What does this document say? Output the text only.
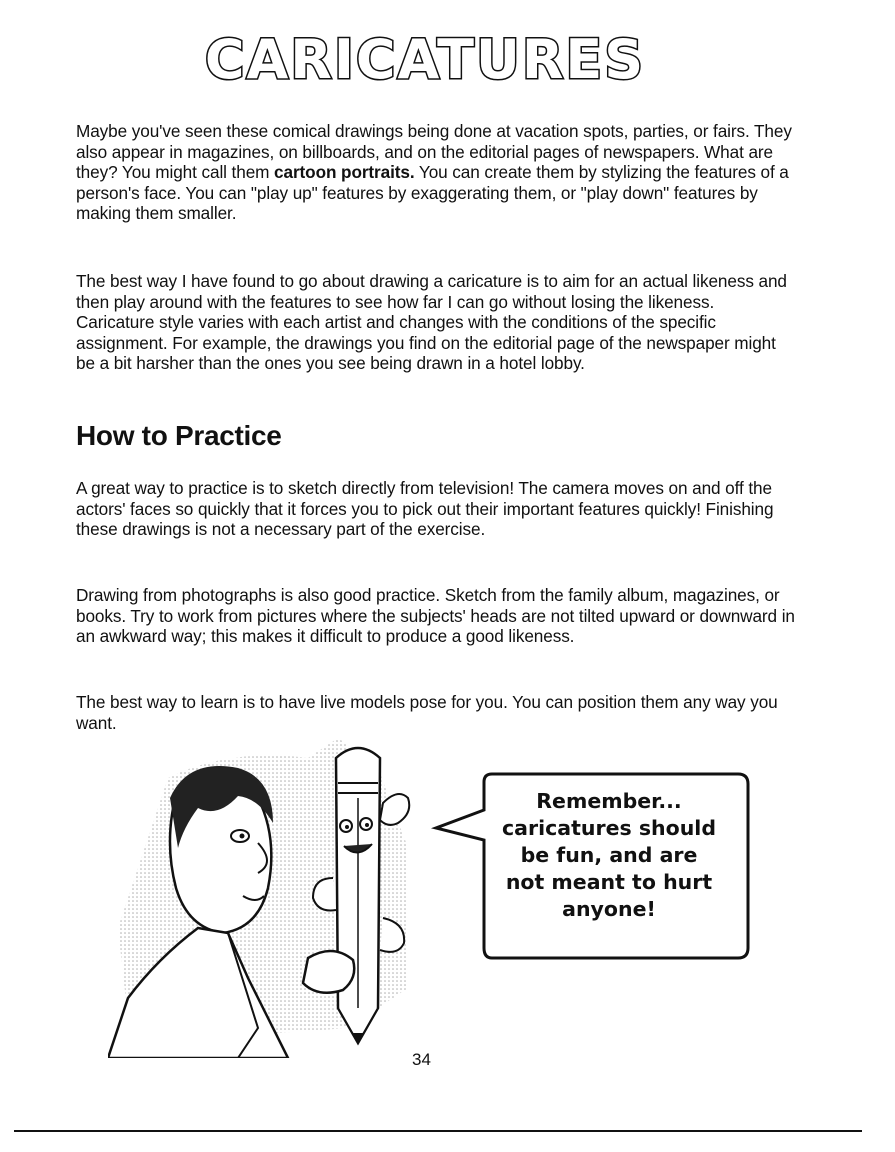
CARICATURES

Maybe you've seen these comical drawings being done at vacation spots, parties, or fairs. They also appear in magazines, on billboards, and on the editorial pages of newspapers. What are they? You might call them cartoon portraits. You can create them by stylizing the features of a person's face. You can "play up" features by exaggerating them, or "play down" features by making them smaller.

The best way I have found to go about drawing a caricature is to aim for an actual likeness and then play around with the features to see how far I can go without losing the likeness. Caricature style varies with each artist and changes with the conditions of the specific assignment. For example, the drawings you find on the editorial page of the newspaper might be a bit harsher than the ones you see being drawn in a hotel lobby.

How to Practice

A great way to practice is to sketch directly from television! The camera moves on and off the actors' faces so quickly that it forces you to pick out their important features quickly! Finishing these drawings is not a necessary part of the exercise.

Drawing from photographs is also good practice. Sketch from the family album, magazines, or books. Try to work from pictures where the subjects' heads are not tilted upward or downward in an awkward way; this makes it difficult to produce a good likeness.

The best way to learn is to have live models pose for you. You can position them any way you want.

Remember...
caricatures should
be fun, and are
not meant to hurt
anyone!
34
